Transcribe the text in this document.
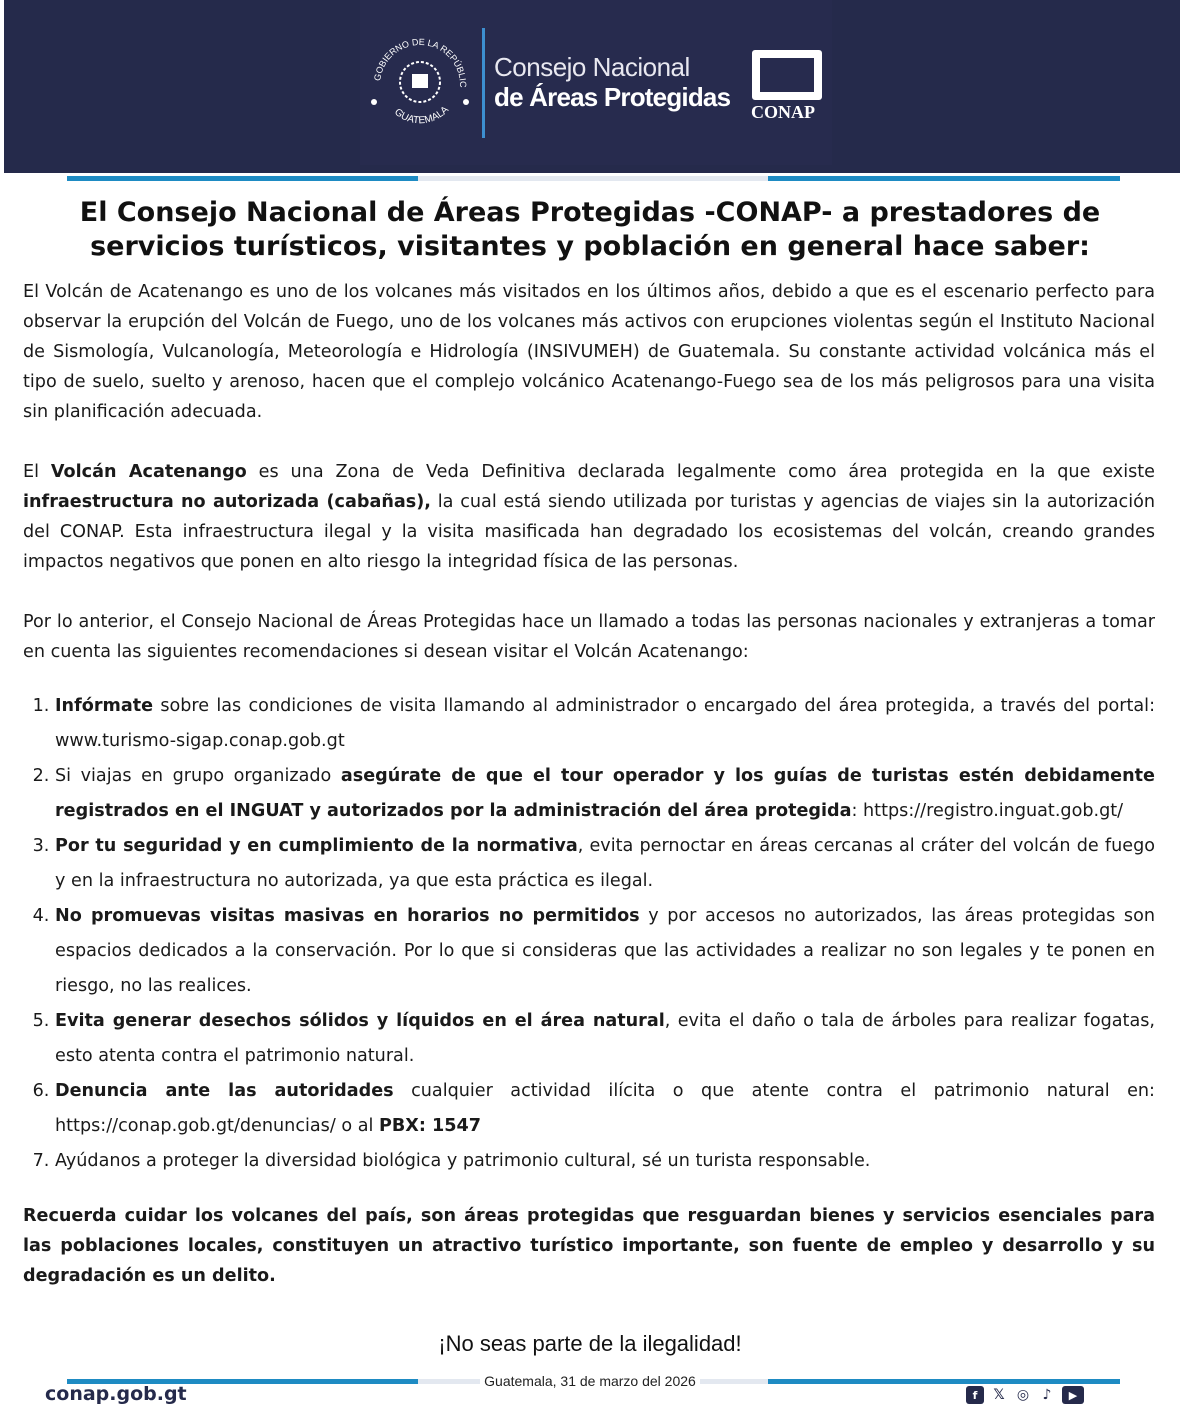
GOBIERNO DE LA REPÚBLIC
GUATEMALA
Consejo Nacional
de Áreas Protegidas CONAP
El Consejo Nacional de Áreas Protegidas -CONAP- a prestadores de servicios turísticos, visitantes y población en general hace saber:

El Volcán de Acatenango es uno de los volcanes más visitados en los últimos años, debido a que es el escenario perfecto para observar la erupción del Volcán de Fuego, uno de los volcanes más activos con erupciones violentas según el Instituto Nacional de Sismología, Vulcanología, Meteorología e Hidrología (INSIVUMEH) de Guatemala. Su constante actividad volcánica más el tipo de suelo, suelto y arenoso, hacen que el complejo volcánico Acatenango-Fuego sea de los más peligrosos para una visita sin planificación adecuada.

El Volcán Acatenango es una Zona de Veda Definitiva declarada legalmente como área protegida en la que existe infraestructura no autorizada (cabañas), la cual está siendo utilizada por turistas y agencias de viajes sin la autorización del CONAP. Esta infraestructura ilegal y la visita masificada han degradado los ecosistemas del volcán, creando grandes impactos negativos que ponen en alto riesgo la integridad física de las personas.

Por lo anterior, el Consejo Nacional de Áreas Protegidas hace un llamado a todas las personas nacionales y extranjeras a tomar en cuenta las siguientes recomendaciones si desean visitar el Volcán Acatenango:

1. Infórmate sobre las condiciones de visita llamando al administrador o encargado del área protegida, a través del portal: www.turismo-sigap.conap.gob.gt
2. Si viajas en grupo organizado asegúrate de que el tour operador y los guías de turistas estén debidamente registrados en el INGUAT y autorizados por la administración del área protegida: https://registro.inguat.gob.gt/
3. Por tu seguridad y en cumplimiento de la normativa, evita pernoctar en áreas cercanas al cráter del volcán de fuego y en la infraestructura no autorizada, ya que esta práctica es ilegal.
4. No promuevas visitas masivas en horarios no permitidos y por accesos no autorizados, las áreas protegidas son espacios dedicados a la conservación. Por lo que si consideras que las actividades a realizar no son legales y te ponen en riesgo, no las realices.
5. Evita generar desechos sólidos y líquidos en el área natural, evita el daño o tala de árboles para realizar fogatas, esto atenta contra el patrimonio natural.
6. Denuncia ante las autoridades cualquier actividad ilícita o que atente contra el patrimonio natural en: https://conap.gob.gt/denuncias/ o al PBX: 1547
7. Ayúdanos a proteger la diversidad biológica y patrimonio cultural, sé un turista responsable.
Recuerda cuidar los volcanes del país, son áreas protegidas que resguardan bienes y servicios esenciales para las poblaciones locales, constituyen un atractivo turístico importante, son fuente de empleo y desarrollo y su degradación es un delito.
¡No seas parte de la ilegalidad!
Guatemala, 31 de marzo del 2026
conap.gob.gt	f	𝕏 ◎ ♪	▶
